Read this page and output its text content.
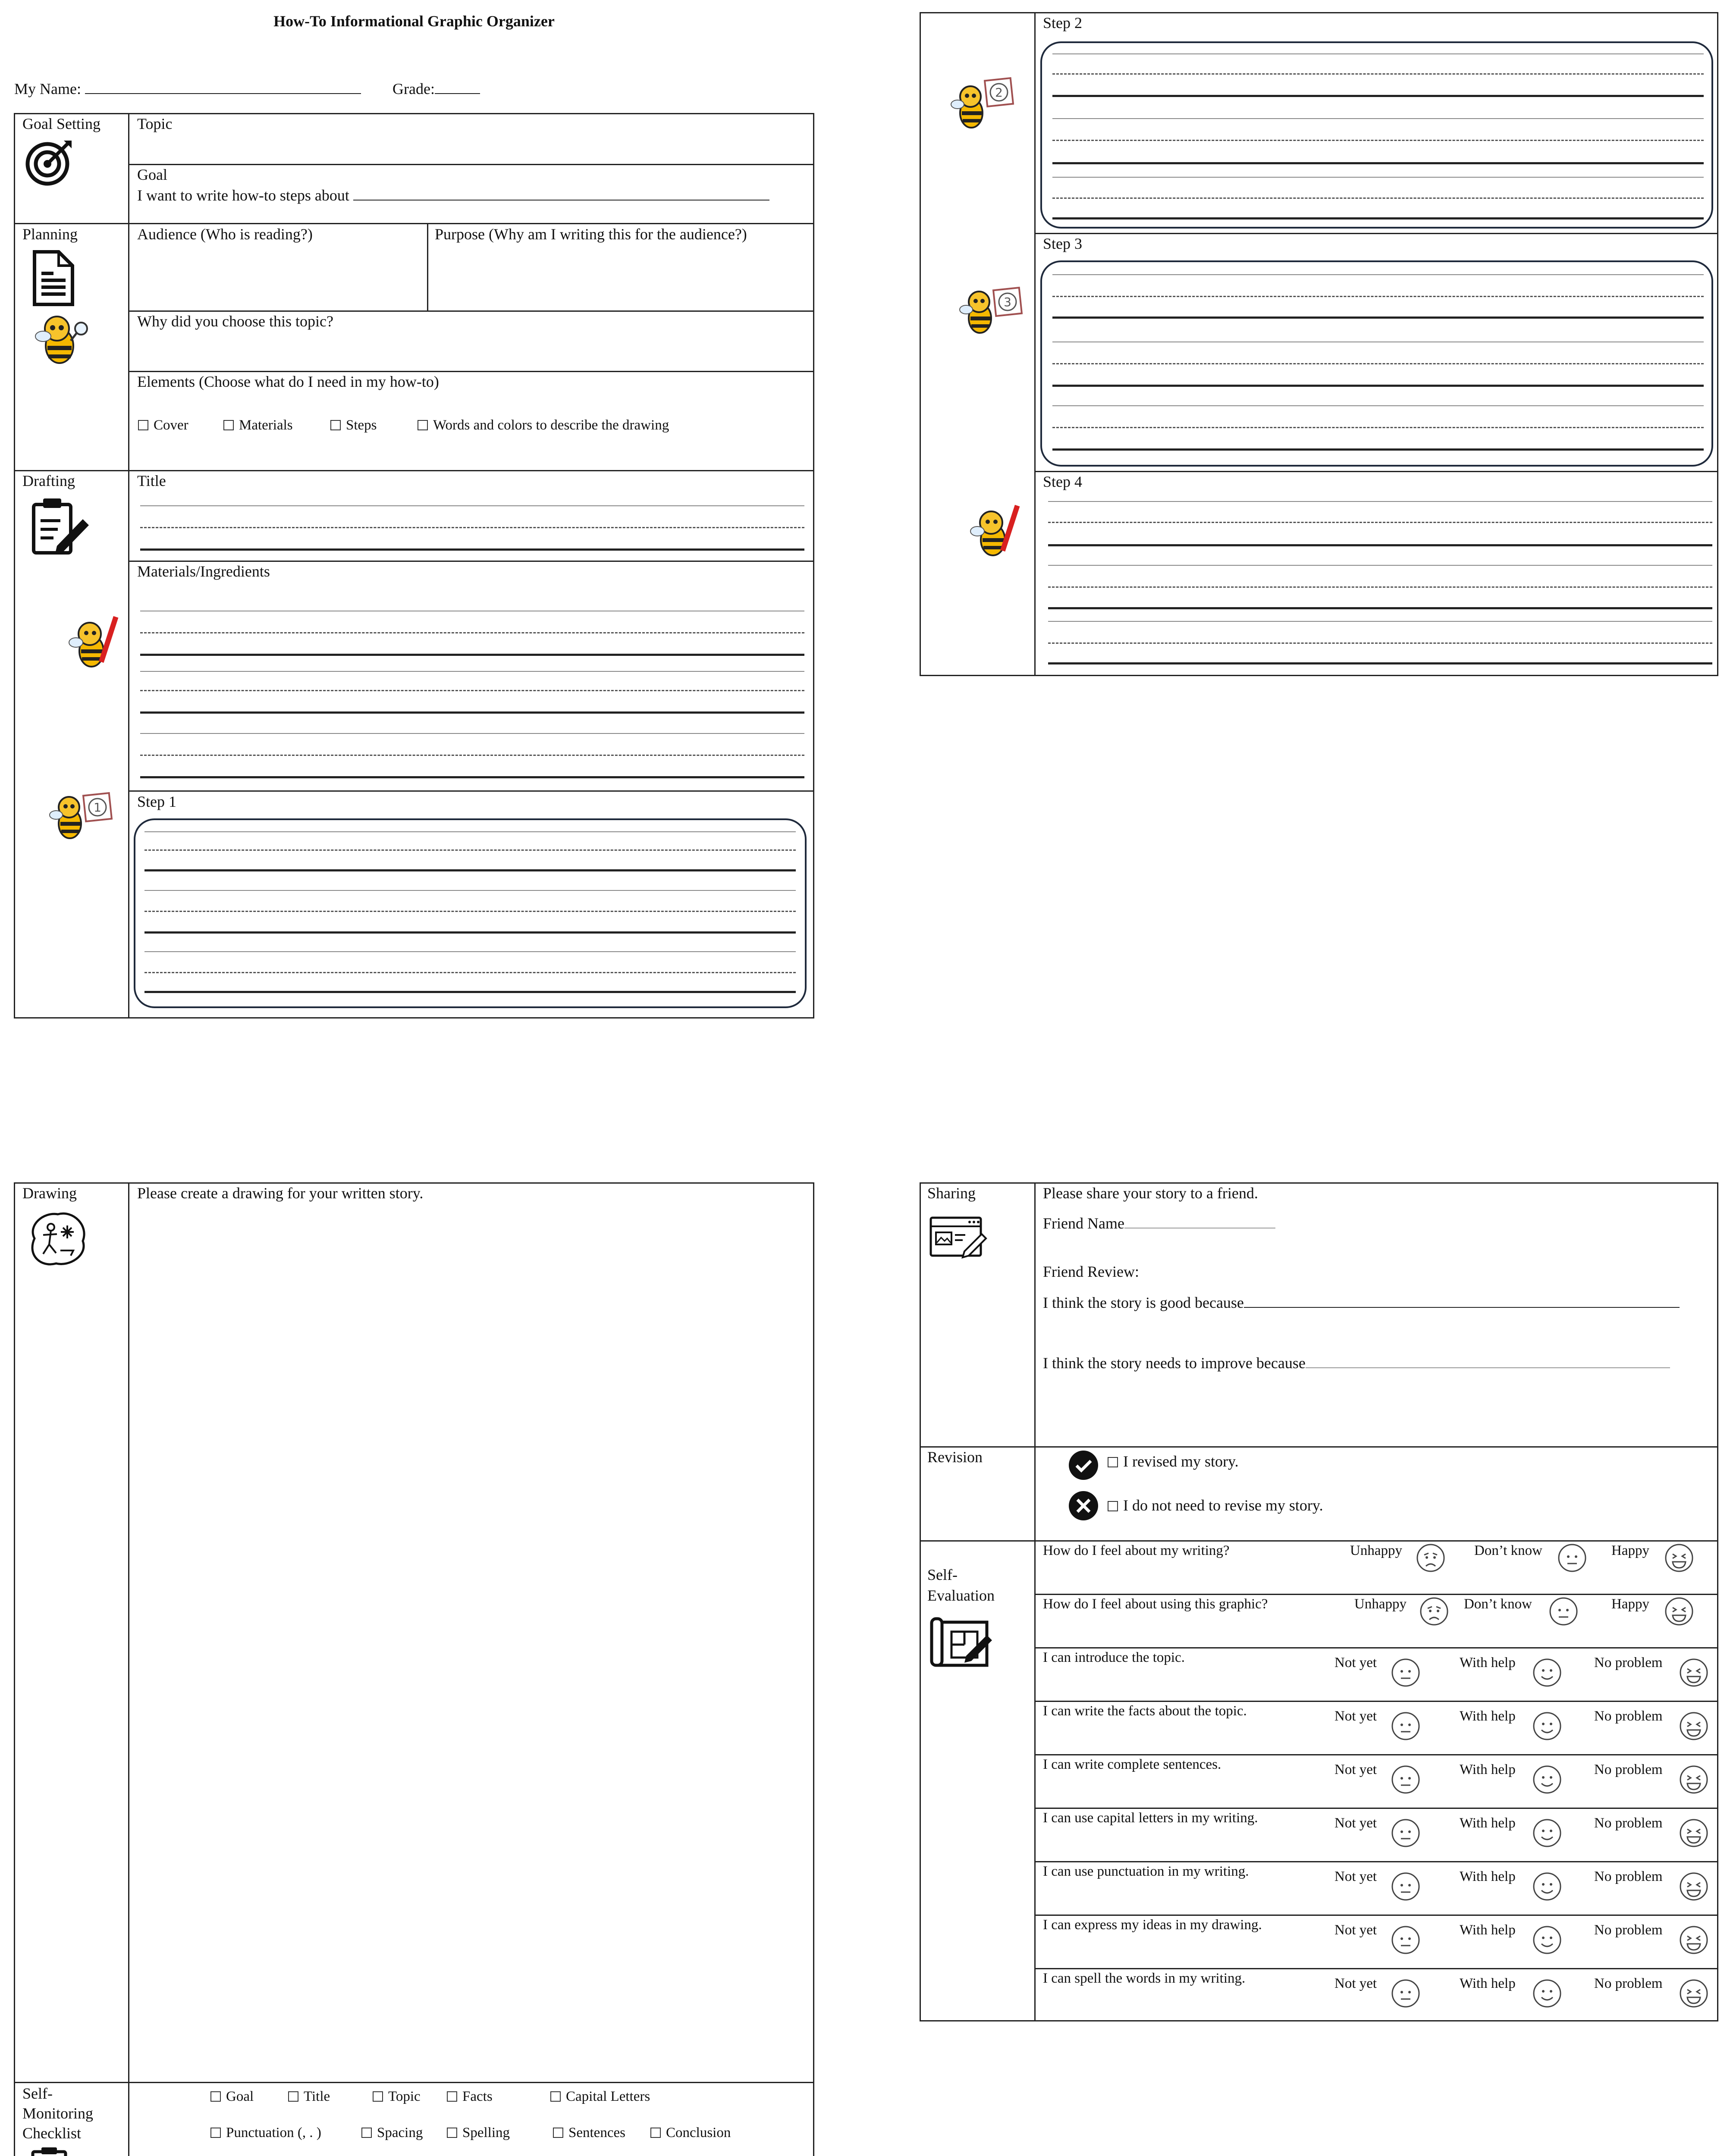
How-To Informational Graphic Organizer
My Name:	Grade:
Goal Setting Topic
Goal
I want to write how-to steps about
Planning	Audience (Who is reading?)	Purpose (Why am I writing this for the audience?)
Why did you choose this topic?
Elements (Choose what do I need in my how-to)
Cover	Materials	Steps	Words and colors to describe the drawing
Drafting	Title
Materials/Ingredients
1 Step 1
2
Step 2
3
Step 3
Step 4
Drawing	Please create a drawing for your written story.
Self-
Monitoring
Checklist
Goal	Title	Topic	Facts	Capital Letters
Punctuation (, . )	Spacing	Spelling	Sentences	Conclusion
Sharing	Please share your story to a friend.
Friend Name
Friend Review:
I think the story is good because
I think the story needs to improve because
Revision	I revised my story.
I do not need to revise my story.
Self-
Evaluation
How do I feel about my writing?	Unhappy	Don’t know	Happy
How do I feel about using this graphic?	Unhappy	Don’t know	Happy
I can introduce the topic.	Not yet	With help	No problem
I can write the facts about the topic.	Not yet	With help	No problem
I can write complete sentences.	Not yet	With help	No problem
I can use capital letters in my writing.	Not yet	With help	No problem
I can use punctuation in my writing.	Not yet	With help	No problem
I can express my ideas in my drawing.	Not yet	With help	No problem
I can spell the words in my writing.	Not yet	With help	No problem
